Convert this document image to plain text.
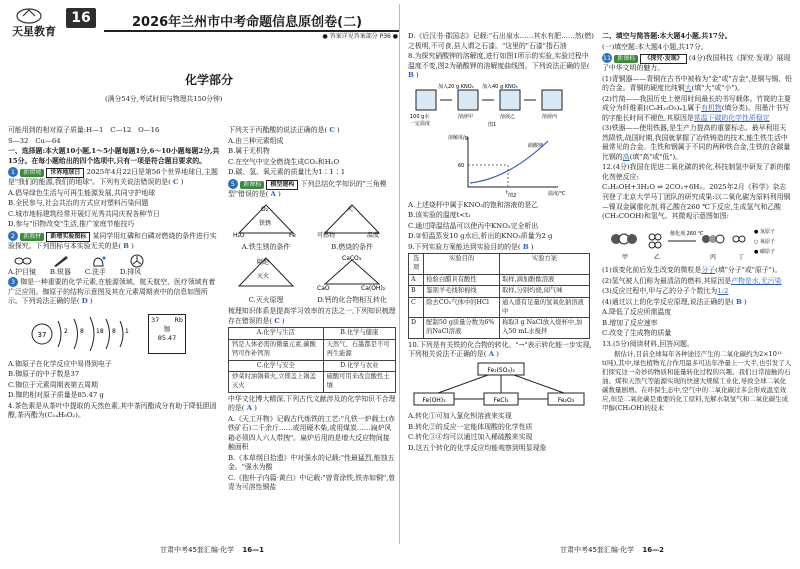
天星教育
16	2026年兰州市中考命题信息原创卷(二)
● 答案详见答案部分 P36 ●
化学部分
(满分54分,考试时间与物理共150分钟)

可能用到的相对原子质量:H—1　C—12　O—16

S—32　Cu—64

一、选择题:本大题10小题,1～5小题每题1分,6～10小题每题2分,共15分。在每小题给出的四个选项中,只有一项是符合题目要求的。

1 新情境 世界地球日 2025年4月22日是第56个世界地球日,主题是"我们的能源,我们的地球"。下列有关说法错误的是( C )

A.倡导绿色生活与可再生能源发展,共同守护地球

B.全民参与,社会共治的方式应对塑料污染问题

C.城市地标建筑经常开展灯光秀共同庆祝各种节日

D.参与"旧物改变"生活,推广家庭节能技巧

2 新教材 新增实验图标 某同学用红磷和白磷对燃烧的条件进行实验探究。下列图标与本实验无关的是( B )

A.护目镜 B.锐器 C.洗手 D.排风

3 铷是一种重要的化学元素,在能源领域、航天航空、医疗领域有着广泛应用。铷原子的结构示意图及其在元素周期表中的信息如图所示。下列说法正确的是( D )

37	2 8 18 8 1
37 Rb
铷
85.47

A.铷原子在化学反应中易得到电子

B.铷原子的中子数是37

C.铷位于元素周期表第五周期

D.铷的相对原子质量是85.47 g

4.茶色素是从茶叶中提取的天然色素,其中茶丙酯成分有助于降低胆固醇,茶丙酯为(C₁₄H₈O₂)。

下列关于丙酯酸的说法正确的是( C )

A.由三种元素组成

B.属于无机物

C.在空气中完全燃烧生成CO₂和H₂O

D.碳、氢、氧元素的质量比为1∶1∶1

5 新课标 模型建构 下列总结化学知识的"三角模型"错误的是( A )

O₂
H₂O	Fe
铁锈
A.铁生锈的条件
火
可燃物	温度
B.燃烧的条件
隔绝
灭火
C.灭火原理
CaCO₃
CaO	Ca(OH)₂
D.钙的化合物相互转化

梳理知识体系是提高学习效率的方法之一,下列知识梳理存在错误的是( C )

A.化学与生活	B.化学与健康
钙是人体必需的微量元素,碳酸钙可作补钙剂	天然气、石墨都是不可再生能源
C.化学与安全	D.化学与农业
炒菜时油锅着火,立即盖上锅盖灭火	硫酸可用来改良酸性土壤

中华文化博大精深,下列古代文献涉及的化学知识不合理的是( A )

A.《天工开物》记载古代炼铁的工艺:"凡铁一炉载土(赤铁矿石)二千余斤……或用硬木柴,或用煤炭……扁炉风箱必须四人六人带拽"。扁炉后用的是增大反应物间接触面积

B.《本草纲目拾遗》中对强水的记载:"性最猛烈,能蚀五金。"强水为酸

C.《抱朴子内篇·黄白》中记载:"曾青涂铁,铁赤如铜",曾青为可溶性铜盐

D.《后汉书·郡国志》记载:"石出泉水……其水有肥……然(燃)之极明,不可食,县人谓之石漆。"这里的"石漆"指石油

8.为探究硝酸钾的溶解度,进行如图1所示的实验,实验过程中温度不变,图2为硝酸钾的溶解度曲线图。下列说法正确的是( B )

100 g水
加入20 g KNO₃ 加入40 g KNO₃
一定温度
溶液甲	溶液乙	溶液丙
图1

溶解度/g
硝酸钾
温度/℃
t
60
图2

A.上述烧杯中属于KNO₃的饱和溶液的是乙

B.该实验的温度t<t₁

C.通过降温结晶可以使丙中KNO₃完全析出

D.②恒温蒸发10 g水后,析出的KNO₃质量为2 g

9.下列实验方案能达到实验目的的是( B )

选项	实验目的	实验方案
A	检验白醋具有酸性	取样,滴加酚酞溶液
B	鉴别羊毛线和棉线	取样,分别灼烧,闻气味
C	除去CO₂气体中的HCl	通入盛有足量的氢氧化钠溶液中
D	配制50 g质量分数为6%的NaCl溶液	称取3 g NaCl放入烧杯中,加入50 mL水搅拌

10.下列是有关铁的化合物的转化。"→"表示转化能一步实现,下列相关说法不正确的是( A )

Fe₂(SO₄)₃
Fe(OH)₃	FeCl₃	Fe₂O₃

A.转化①可加入氯化钡溶液来实现

B.转化②的反应一定能体现酸的化学性质

C.转化③④均可以通过加入稀硫酸来实现

D.这五个转化的化学反应均能观察到明显现象

二、填空与简答题:本大题4小题,共17分。

(一)填空题:本大题4小题,共17分。

11 新课标 《探究·发现》 (4分)我国科技《探究·发现》展现了中华文明的魅力。

(1)青铜器——青铜在古书中被称为"金"或"吉金",是铜与锡、铅的合金。青铜的硬度比纯铜大(填"大"或"小")。

(2)竹简——我国历史上使用时间最长的书写载体。竹简的主要成分为纤维素[(C₆H₁₀O₅)ₙ],属于有机物(填分类)。用墨汁书写的字能长时间不褪色,其原因是常温下碳的化学性质稳定

(3)铁器——使用铁器,是生产力提高的重要标志。最早利用天然陨铁,战国时期,我国就掌握了冶铁铸造的技术,能生铁生活中最常见的合金。生铁和钢属于不同的两种铁合金,生铁的含碳量比钢的高(填"高"或"低")。

12.(4分)我国在促进二氧化碳的转化,科技制氢中研发了新的催化剂使反应:

C₂H₅OH+3H₂O ⇌ 2CO₂+6H₂。2025年2月《科学》杂志刊登了北京大学马丁团队的研究成果:以二氧化碳为原料利用铜—镍双金属催化剂,将乙酸在260 ℃下反应,生成氢气和乙酸(CH₃COOH)和氢气。其微观示意图如图:

催化剂 260 ℃
甲	乙	丙	丁
● 氢原子
○ 氧原子
● 碳原子

(1)该变化前后发生改变的微粒是分子(填"分子"或"原子")。

(2)氢气被人们称为最清洁的燃料,其原因是产物是水,无污染

(3)反应过程中,甲与乙的分子个数比为1:2

(4)通过以上的化学反应原理,说法正确的是( B )

A.降低了反应所需温度

B.增加了反应速率

C.改变了生成物的质量

13.(5分)阅读材料,回答问题。

据估计,目前全球每年各种途径产生的二氧化碳约为2×10¹¹ t(吨),其中,绿色植物光合作用最多可达年净量上一大半,也引发了人们探究这一奇妙的物质和能量转化过程的兴趣。我们日常接触的石油、煤和天然气等能源实现的快速大规模工业化,导致全球二氧化碳数量剧增。在环保生态中,空气中的二氧化碳过多会形成温室效应,但是二氧化碳是重要的化工原料,光解水制氢气和二氧化碳生成甲醇(CH₃OH)的技术

甘肃中考45套汇编·化学 16—1	甘肃中考45套汇编·化学 16—2
